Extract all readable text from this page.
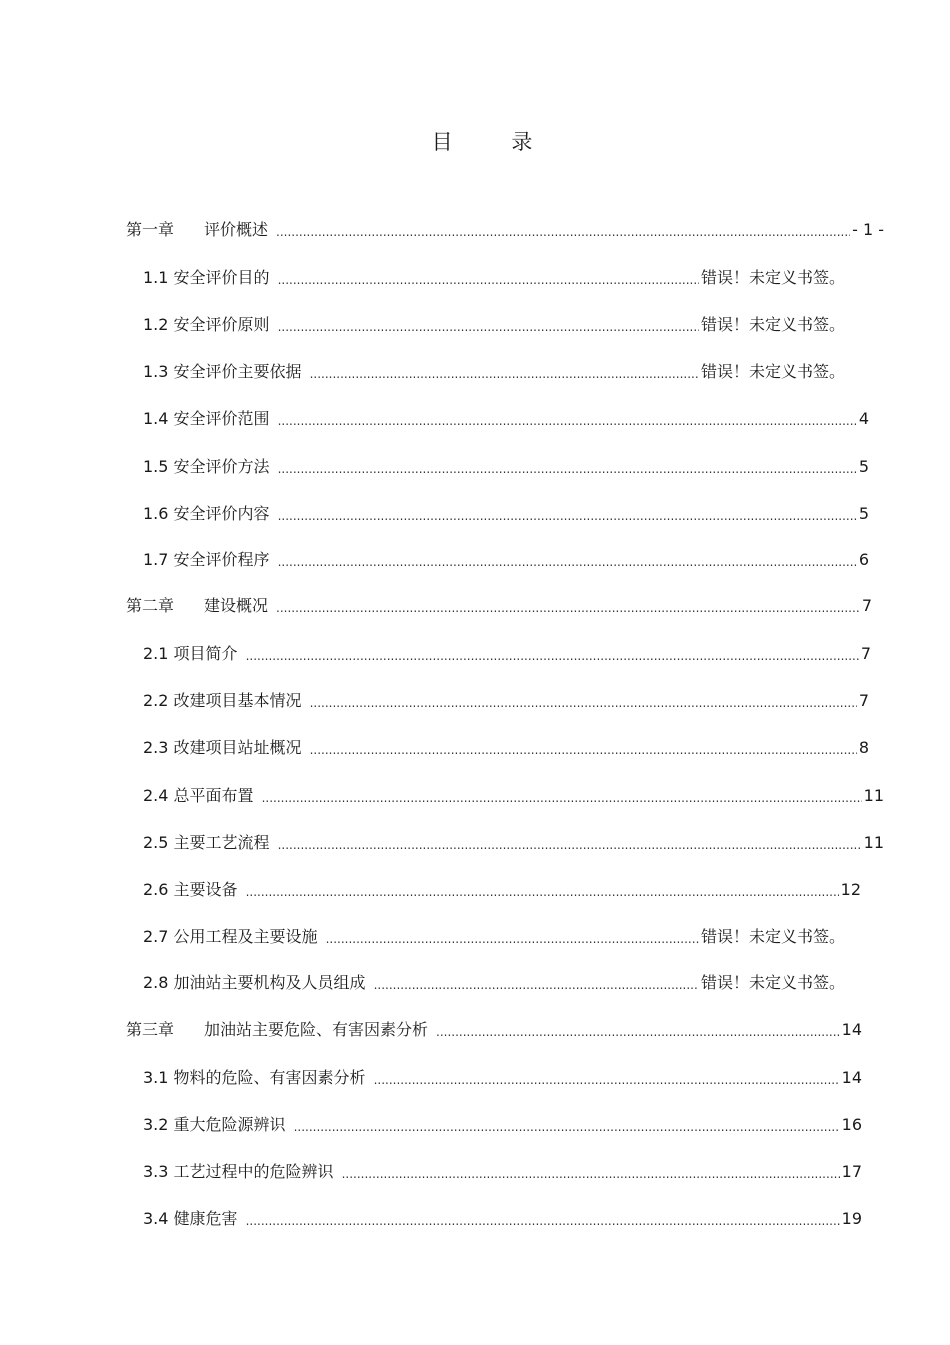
目 录
第一章 评价概述 .....	- 1 -
1.1 安全评价目的 .....	错误！未定义书签。
1.2 安全评价原则 .....	错误！未定义书签。
1.3 安全评价主要依据 .....	错误！未定义书签。
1.4 安全评价范围 .....	4
1.5 安全评价方法 .....	5
1.6 安全评价内容 .....	5
1.7 安全评价程序 .....	6
第二章 建设概况 .....	7
2.1 项目简介 .....	7
2.2 改建项目基本情况 .....	7
2.3 改建项目站址概况 .....	8
2.4 总平面布置 .....	11
2.5 主要工艺流程 .....	11
2.6 主要设备 .....	12
2.7 公用工程及主要设施 .....	错误！未定义书签。
2.8 加油站主要机构及人员组成 .....	错误！未定义书签。
第三章 加油站主要危险、有害因素分析 .....	14
3.1 物料的危险、有害因素分析 .....	14
3.2 重大危险源辨识 .....	16
3.3 工艺过程中的危险辨识 .....	17
3.4 健康危害 .....	19
